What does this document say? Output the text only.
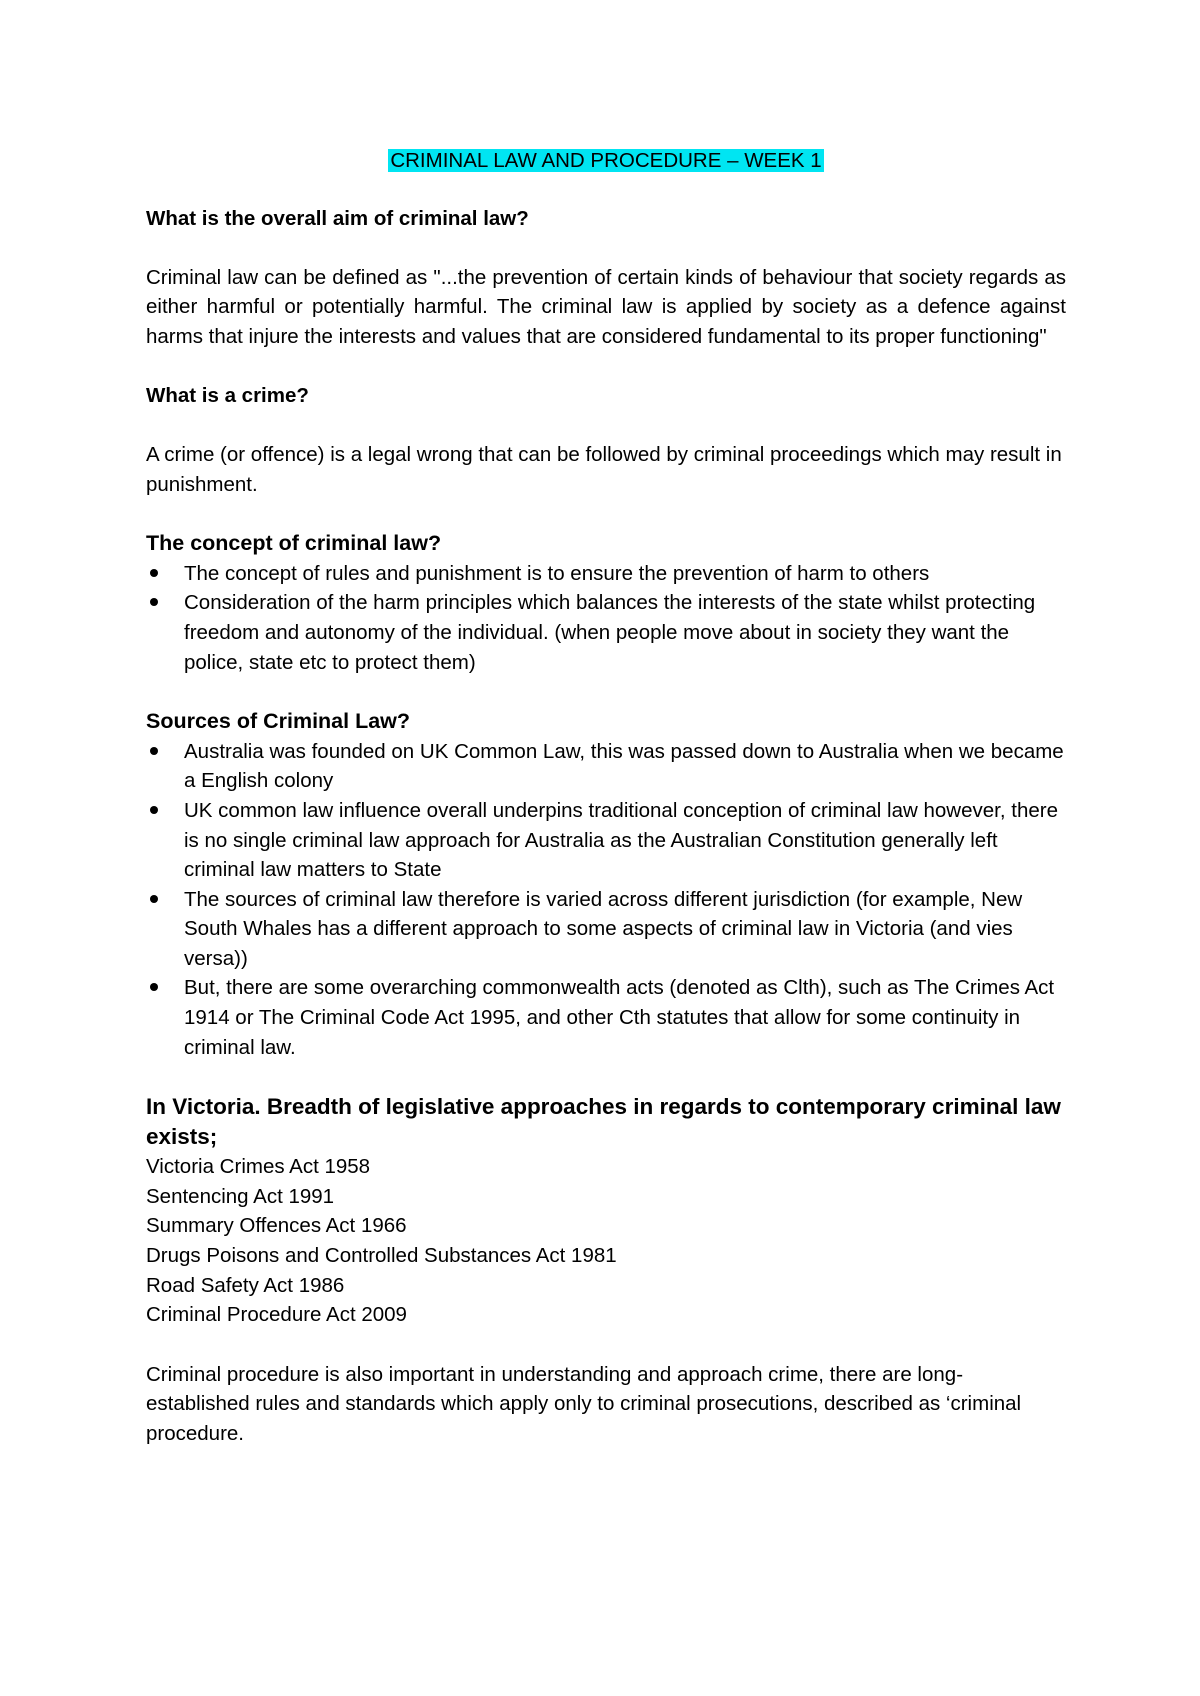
CRIMINAL LAW AND PROCEDURE – WEEK 1

What is the overall aim of criminal law?

Criminal law can be defined as "...the prevention of certain kinds of behaviour that society regards as either harmful or potentially harmful. The criminal law is applied by society as a defence against harms that injure the interests and values that are considered fundamental to its proper functioning"

What is a crime?

A crime (or offence) is a legal wrong that can be followed by criminal proceedings which may result in punishment.

The concept of criminal law?

The concept of rules and punishment is to ensure the prevention of harm to others
Consideration of the harm principles which balances the interests of the state whilst protecting freedom and autonomy of the individual. (when people move about in society they want the police, state etc to protect them)

Sources of Criminal Law?

Australia was founded on UK Common Law, this was passed down to Australia when we became a English colony
UK common law influence overall underpins traditional conception of criminal law however, there is no single criminal law approach for Australia as the Australian Constitution generally left criminal law matters to State
The sources of criminal law therefore is varied across different jurisdiction (for example, New South Whales has a different approach to some aspects of criminal law in Victoria (and vies versa))
But, there are some overarching commonwealth acts (denoted as Clth), such as The Crimes Act 1914 or The Criminal Code Act 1995, and other Cth statutes that allow for some continuity in criminal law.

In Victoria. Breadth of legislative approaches in regards to contemporary criminal law exists;

Victoria Crimes Act 1958

Sentencing Act 1991

Summary Offences Act 1966

Drugs Poisons and Controlled Substances Act 1981

Road Safety Act 1986

Criminal Procedure Act 2009

Criminal procedure is also important in understanding and approach crime, there are long-established rules and standards which apply only to criminal prosecutions, described as ‘criminal procedure.
